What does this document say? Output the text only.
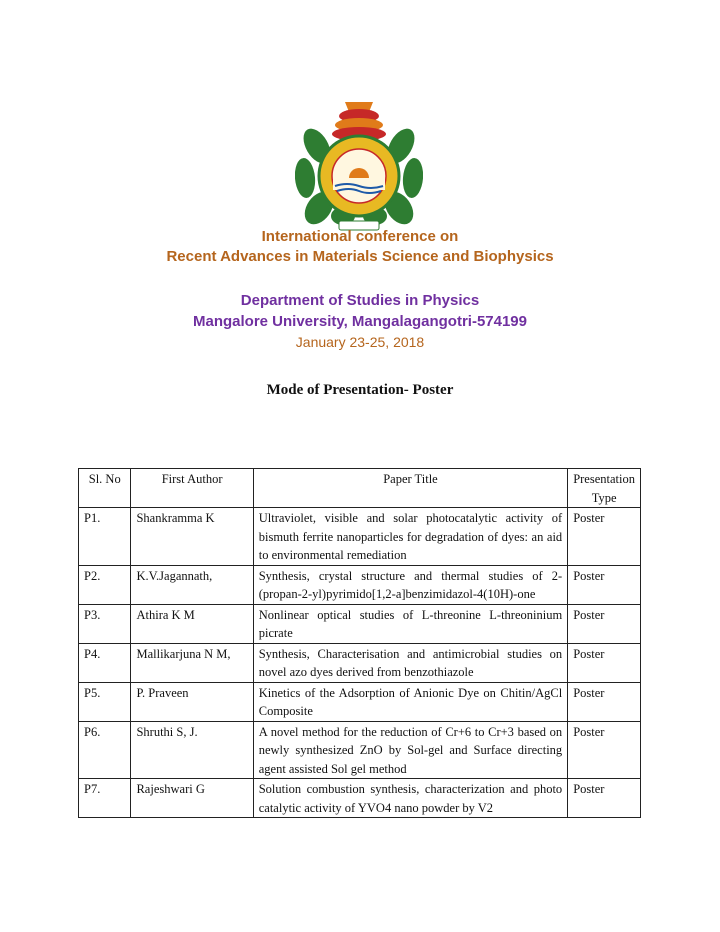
International conference on
Recent Advances in Materials Science and Biophysics
Department of Studies in Physics
Mangalore University, Mangalagangotri-574199
January 23-25, 2018
Mode of Presentation- Poster
Sl. No	First Author	Paper Title	Presentation Type
P1.	Shankramma K	Ultraviolet, visible and solar photocatalytic activity of bismuth ferrite nanoparticles for degradation of dyes: an aid to environmental remediation	Poster
P2.	K.V.Jagannath,	Synthesis, crystal structure and thermal studies of 2-(propan-2-yl)pyrimido[1,2-a]benzimidazol-4(10H)-one	Poster
P3.	Athira K M	Nonlinear optical studies of L-threonine L-threoninium picrate	Poster
P4.	Mallikarjuna N M,	Synthesis, Characterisation and antimicrobial studies on novel azo dyes derived from benzothiazole	Poster
P5.	P. Praveen	Kinetics of the Adsorption of Anionic Dye on Chitin/AgCl Composite	Poster
P6.	Shruthi S, J.	A novel method for the reduction of Cr+6 to Cr+3 based on newly synthesized ZnO by Sol-gel and Surface directing agent assisted Sol gel method	Poster
P7.	Rajeshwari G	Solution combustion synthesis, characterization and photo catalytic activity of YVO4 nano powder by V2	Poster
